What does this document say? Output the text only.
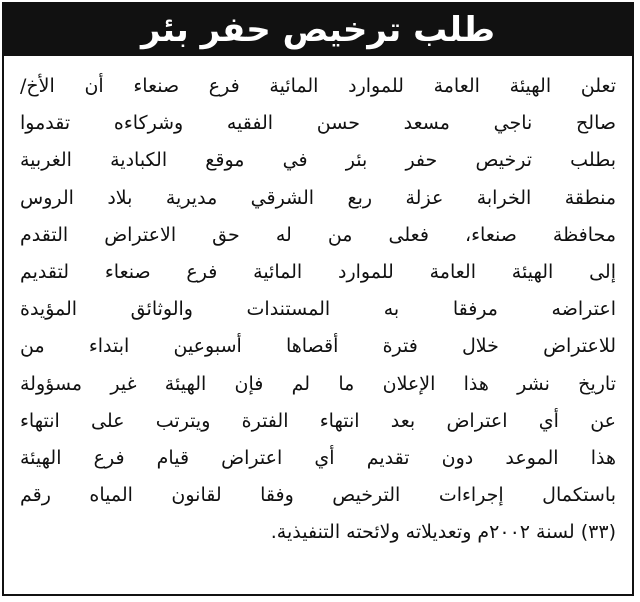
طلب ترخيص حفر بئر
تعلن الهيئة العامة للموارد المائية فرع صنعاء أن الأخ/
صالح ناجي مسعد حسن الفقيه وشركاءه تقدموا
بطلب ترخيص حفر بئر في موقع الكبادية الغربية
منطقة الخرابة عزلة ربع الشرقي مديرية بلاد الروس
محافظة صنعاء، فعلى من له حق الاعتراض التقدم
إلى الهيئة العامة للموارد المائية فرع صنعاء لتقديم
اعتراضه مرفقا به المستندات والوثائق المؤيدة
للاعتراض خلال فترة أقصاها أسبوعين ابتداء من
تاريخ نشر هذا الإعلان ما لم فإن الهيئة غير مسؤولة
عن أي اعتراض بعد انتهاء الفترة ويترتب على انتهاء
هذا الموعد دون تقديم أي اعتراض قيام فرع الهيئة
باستكمال إجراءات الترخيص وفقا لقانون المياه رقم
(٣٣) لسنة ٢٠٠٢م وتعديلاته ولائحته التنفيذية.
